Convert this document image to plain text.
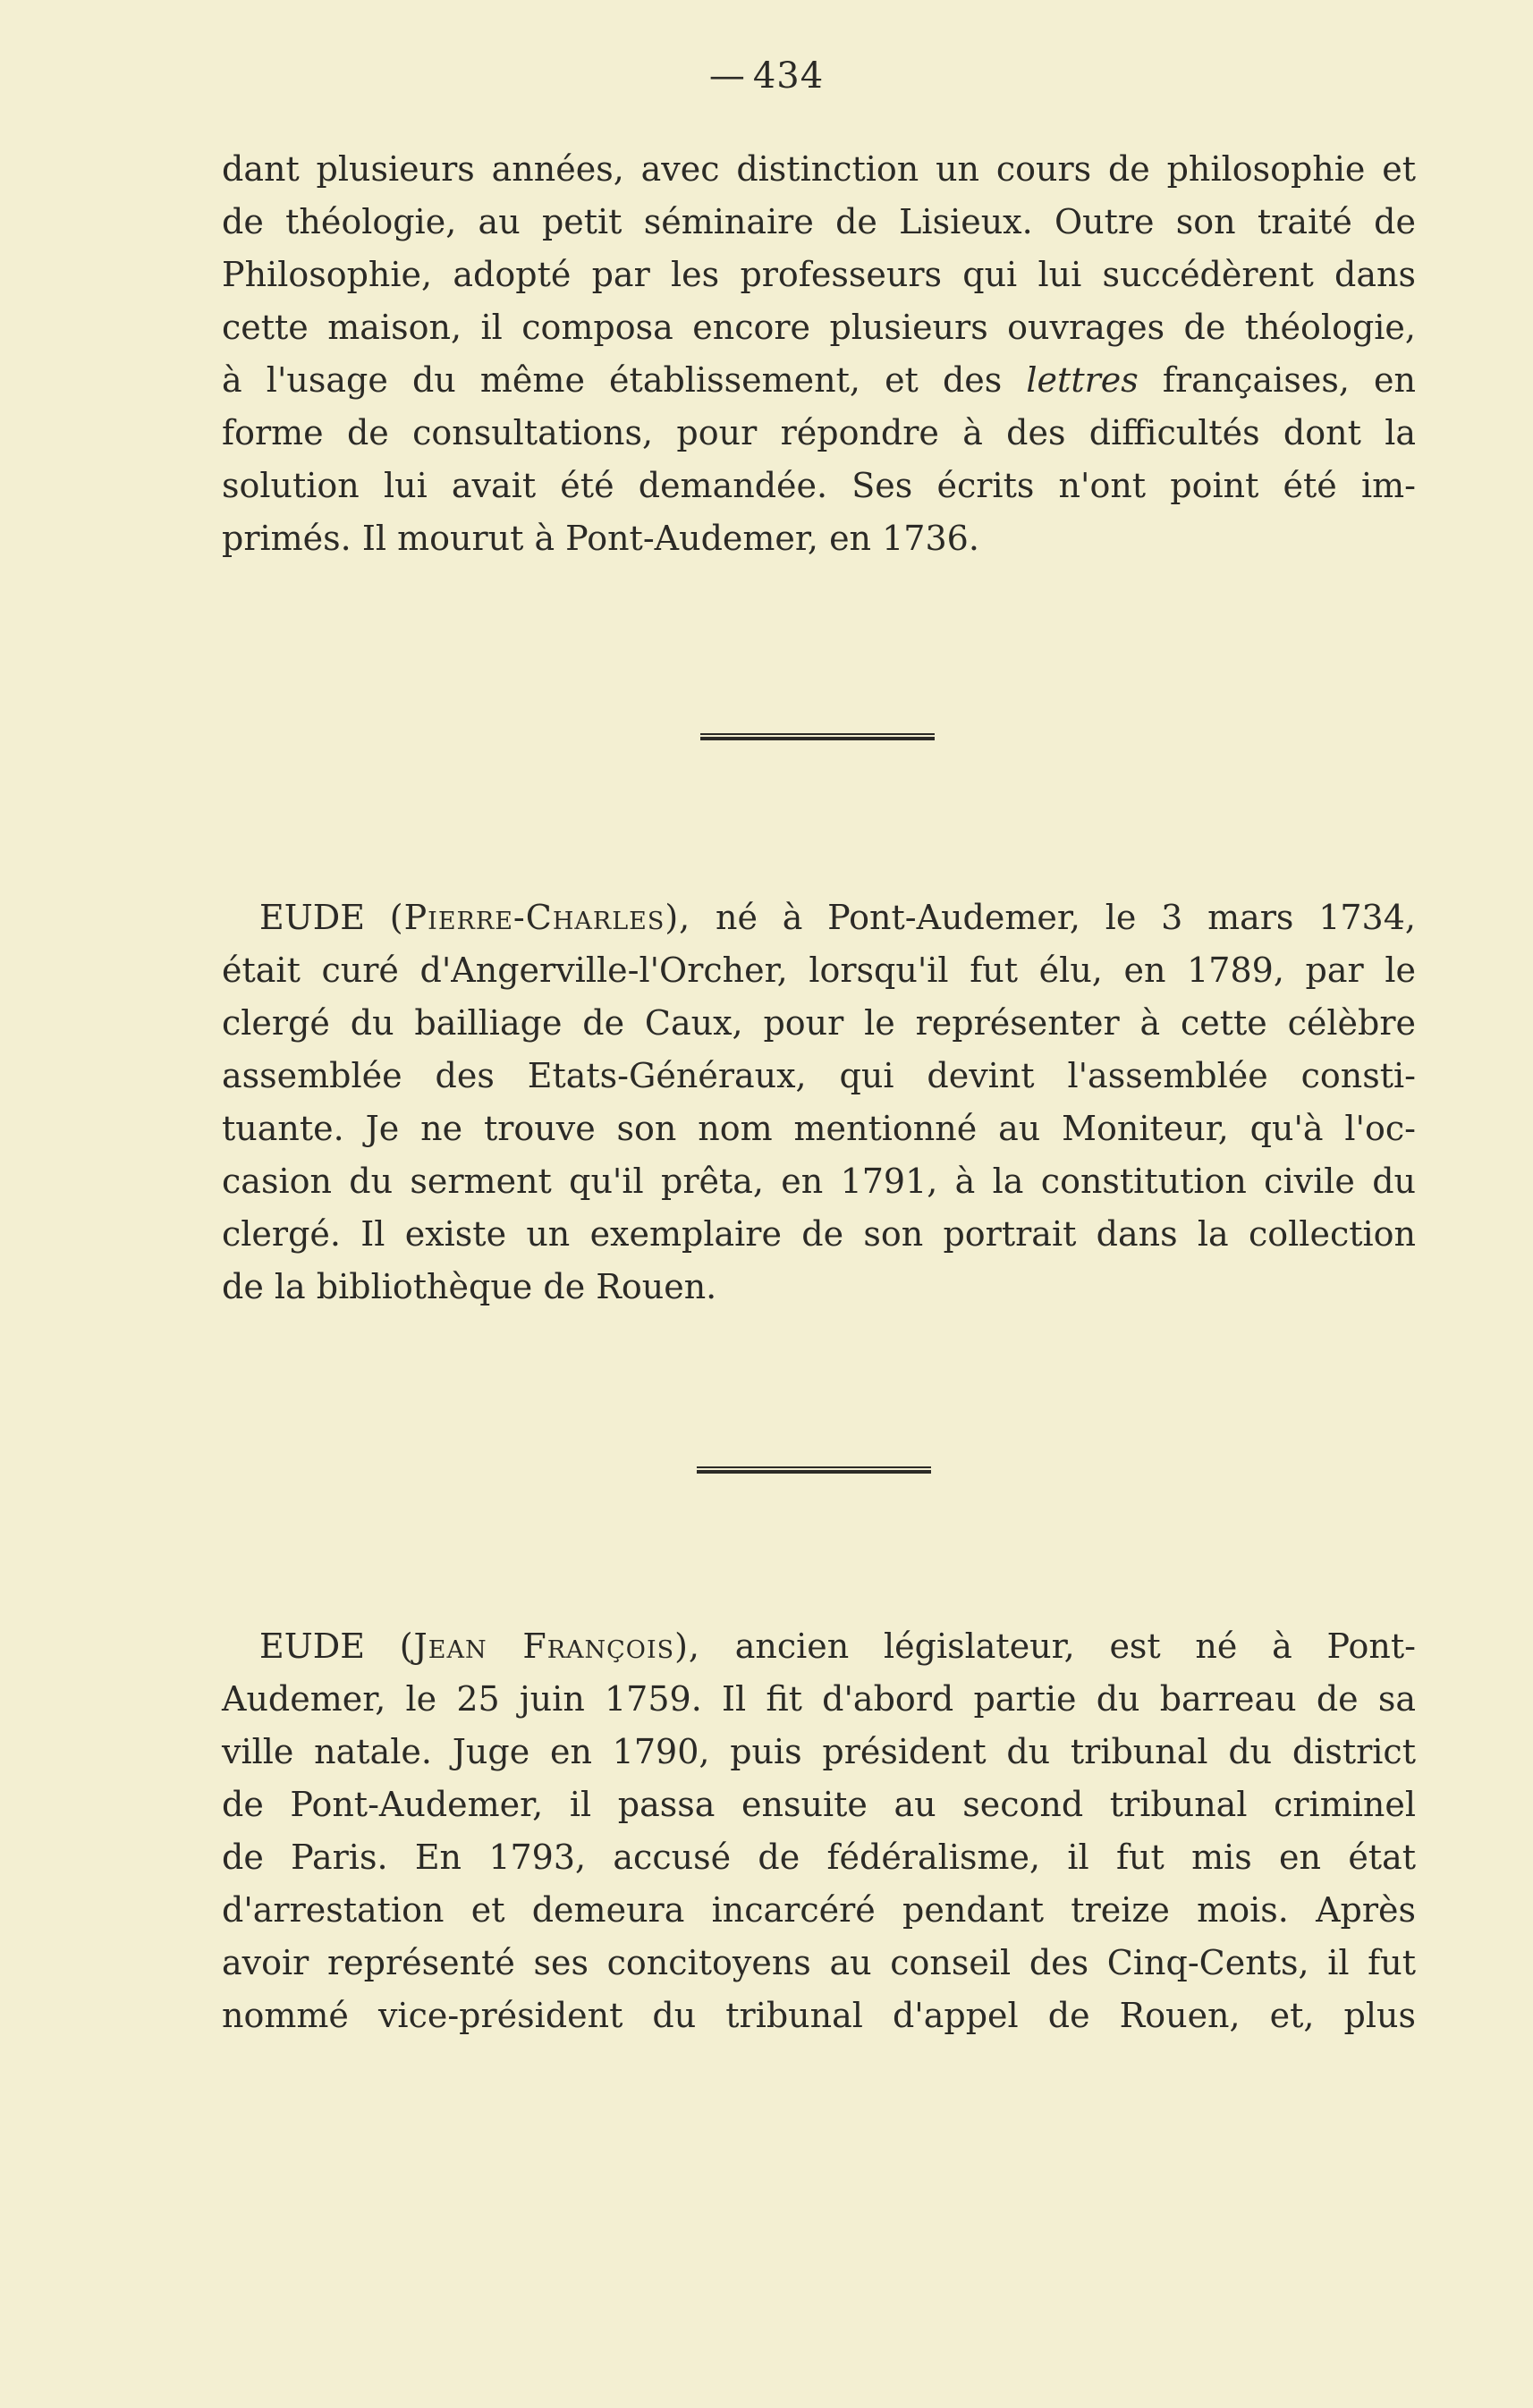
— 434
dant plusieurs années, avec distinction un cours de philosophie et
de théologie, au petit séminaire de Lisieux. Outre son traité de
Philosophie, adopté par les professeurs qui lui succédèrent dans
cette maison, il composa encore plusieurs ouvrages de théologie,
à l'usage du même établissement, et des lettres françaises, en
forme de consultations, pour répondre à des difficultés dont la
solution lui avait été demandée. Ses écrits n'ont point été im-
primés. Il mourut à Pont-Audemer, en 1736.
EUDE (Pierre-Charles), né à Pont-Audemer, le 3 mars 1734,
était curé d'Angerville-l'Orcher, lorsqu'il fut élu, en 1789, par le
clergé du bailliage de Caux, pour le représenter à cette célèbre
assemblée des Etats-Généraux, qui devint l'assemblée consti-
tuante. Je ne trouve son nom mentionné au Moniteur, qu'à l'oc-
casion du serment qu'il prêta, en 1791, à la constitution civile du
clergé. Il existe un exemplaire de son portrait dans la collection
de la bibliothèque de Rouen.
EUDE (Jean François), ancien législateur, est né à Pont-
Audemer, le 25 juin 1759. Il fit d'abord partie du barreau de sa
ville natale. Juge en 1790, puis président du tribunal du district
de Pont-Audemer, il passa ensuite au second tribunal criminel
de Paris. En 1793, accusé de fédéralisme, il fut mis en état
d'arrestation et demeura incarcéré pendant treize mois. Après
avoir représenté ses concitoyens au conseil des Cinq-Cents, il fut
nommé vice-président du tribunal d'appel de Rouen, et, plus
